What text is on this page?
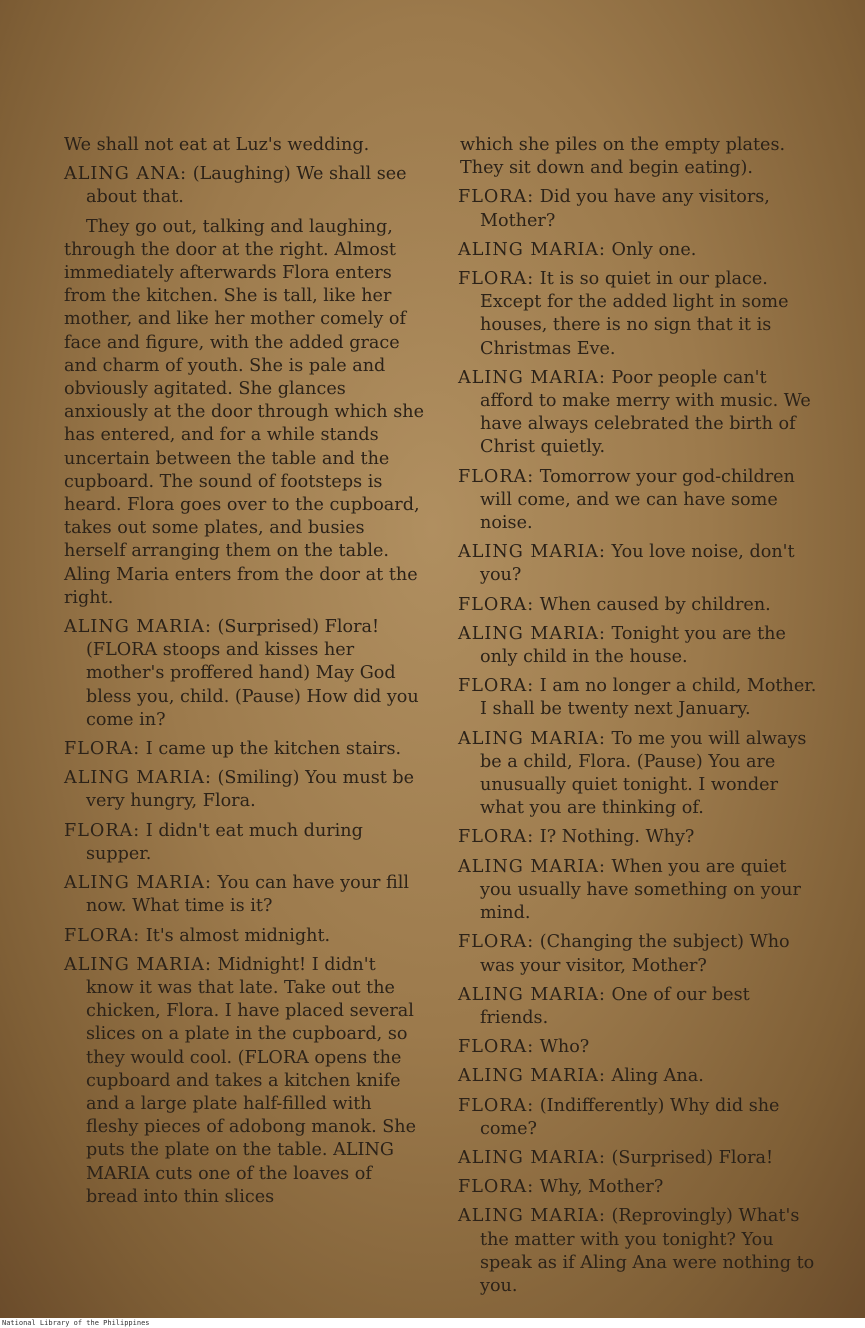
We shall not eat at Luz's wedding.

ALING ANA: (Laughing) We shall see about that.

They go out, talking and laughing, through the door at the right. Almost immediately afterwards Flora enters from the kitchen. She is tall, like her mother, and like her mother comely of face and figure, with the added grace and charm of youth. She is pale and obviously agitated. She glances anxiously at the door through which she has entered, and for a while stands uncertain between the table and the cupboard. The sound of footsteps is heard. Flora goes over to the cupboard, takes out some plates, and busies herself arranging them on the table. Aling Maria enters from the door at the right.

ALING MARIA: (Surprised) Flora! (FLORA stoops and kisses her mother's proffered hand) May God bless you, child. (Pause) How did you come in?

FLORA: I came up the kitchen stairs.

ALING MARIA: (Smiling) You must be very hungry, Flora.

FLORA: I didn't eat much during supper.

ALING MARIA: You can have your fill now. What time is it?

FLORA: It's almost midnight.

ALING MARIA: Midnight! I didn't know it was that late. Take out the chicken, Flora. I have placed several slices on a plate in the cupboard, so they would cool. (FLORA opens the cupboard and takes a kitchen knife and a large plate half-filled with fleshy pieces of adobong manok. She puts the plate on the table. ALING MARIA cuts one of the loaves of bread into thin slices

which she piles on the empty plates. They sit down and begin eating).

FLORA: Did you have any visitors, Mother?

ALING MARIA: Only one.

FLORA: It is so quiet in our place. Except for the added light in some houses, there is no sign that it is Christmas Eve.

ALING MARIA: Poor people can't afford to make merry with music. We have always celebrated the birth of Christ quietly.

FLORA: Tomorrow your god-children will come, and we can have some noise.

ALING MARIA: You love noise, don't you?

FLORA: When caused by children.

ALING MARIA: Tonight you are the only child in the house.

FLORA: I am no longer a child, Mother. I shall be twenty next January.

ALING MARIA: To me you will always be a child, Flora. (Pause) You are unusually quiet tonight. I wonder what you are thinking of.

FLORA: I? Nothing. Why?

ALING MARIA: When you are quiet you usually have something on your mind.

FLORA: (Changing the subject) Who was your visitor, Mother?

ALING MARIA: One of our best friends.

FLORA: Who?

ALING MARIA: Aling Ana.

FLORA: (Indifferently) Why did she come?

ALING MARIA: (Surprised) Flora!

FLORA: Why, Mother?

ALING MARIA: (Reprovingly) What's the matter with you tonight? You speak as if Aling Ana were nothing to you.

National Library of the Philippines
